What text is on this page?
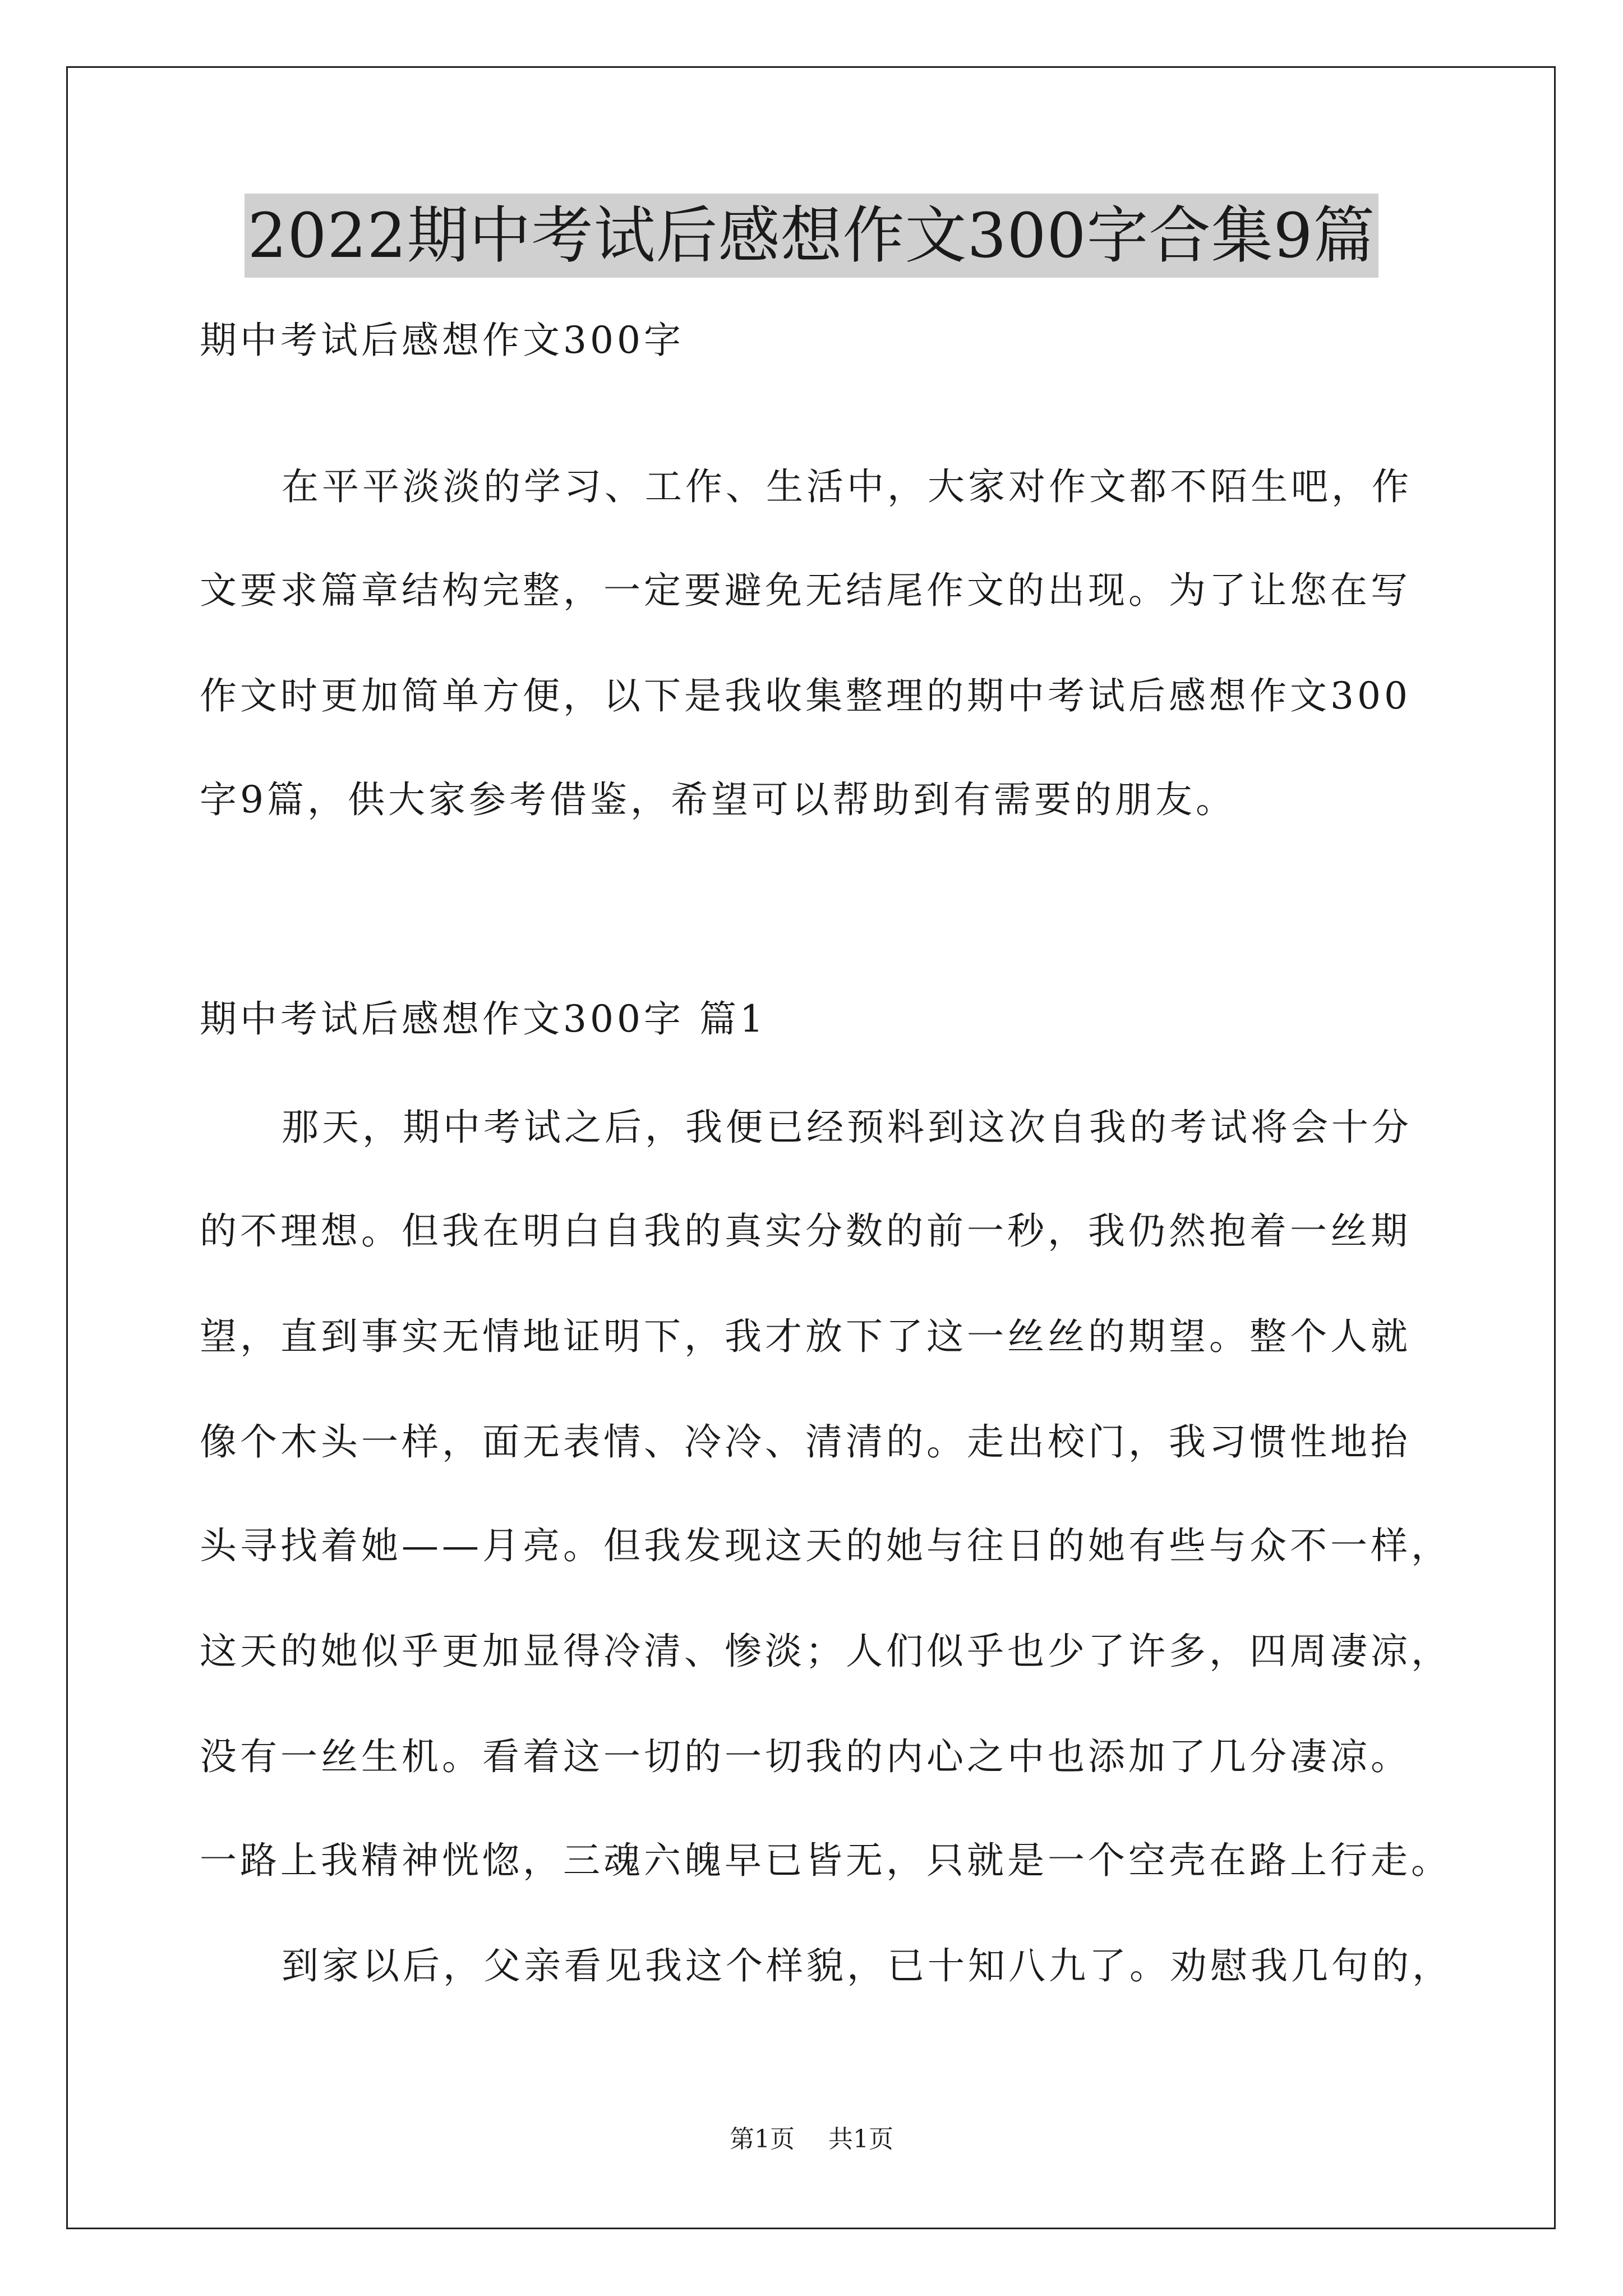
2022期中考试后感想作文300字合集9篇
期中考试后感想作文300字
在平平淡淡的学习、工作、生活中，大家对作文都不陌生吧，作
文要求篇章结构完整，一定要避免无结尾作文的出现。为了让您在写
作文时更加简单方便，以下是我收集整理的期中考试后感想作文300
字9篇，供大家参考借鉴，希望可以帮助到有需要的朋友。
期中考试后感想作文300字 篇1
那天，期中考试之后，我便已经预料到这次自我的考试将会十分
的不理想。但我在明白自我的真实分数的前一秒，我仍然抱着一丝期
望，直到事实无情地证明下，我才放下了这一丝丝的期望。整个人就
像个木头一样，面无表情、冷冷、清清的。走出校门，我习惯性地抬
头寻找着她——月亮。但我发现这天的她与往日的她有些与众不一样，
这天的她似乎更加显得冷清、惨淡；人们似乎也少了许多，四周凄凉，
没有一丝生机。看着这一切的一切我的内心之中也添加了几分凄凉。
一路上我精神恍惚，三魂六魄早已皆无，只就是一个空壳在路上行走。
到家以后，父亲看见我这个样貌，已十知八九了。劝慰我几句的，
第1页 共1页
